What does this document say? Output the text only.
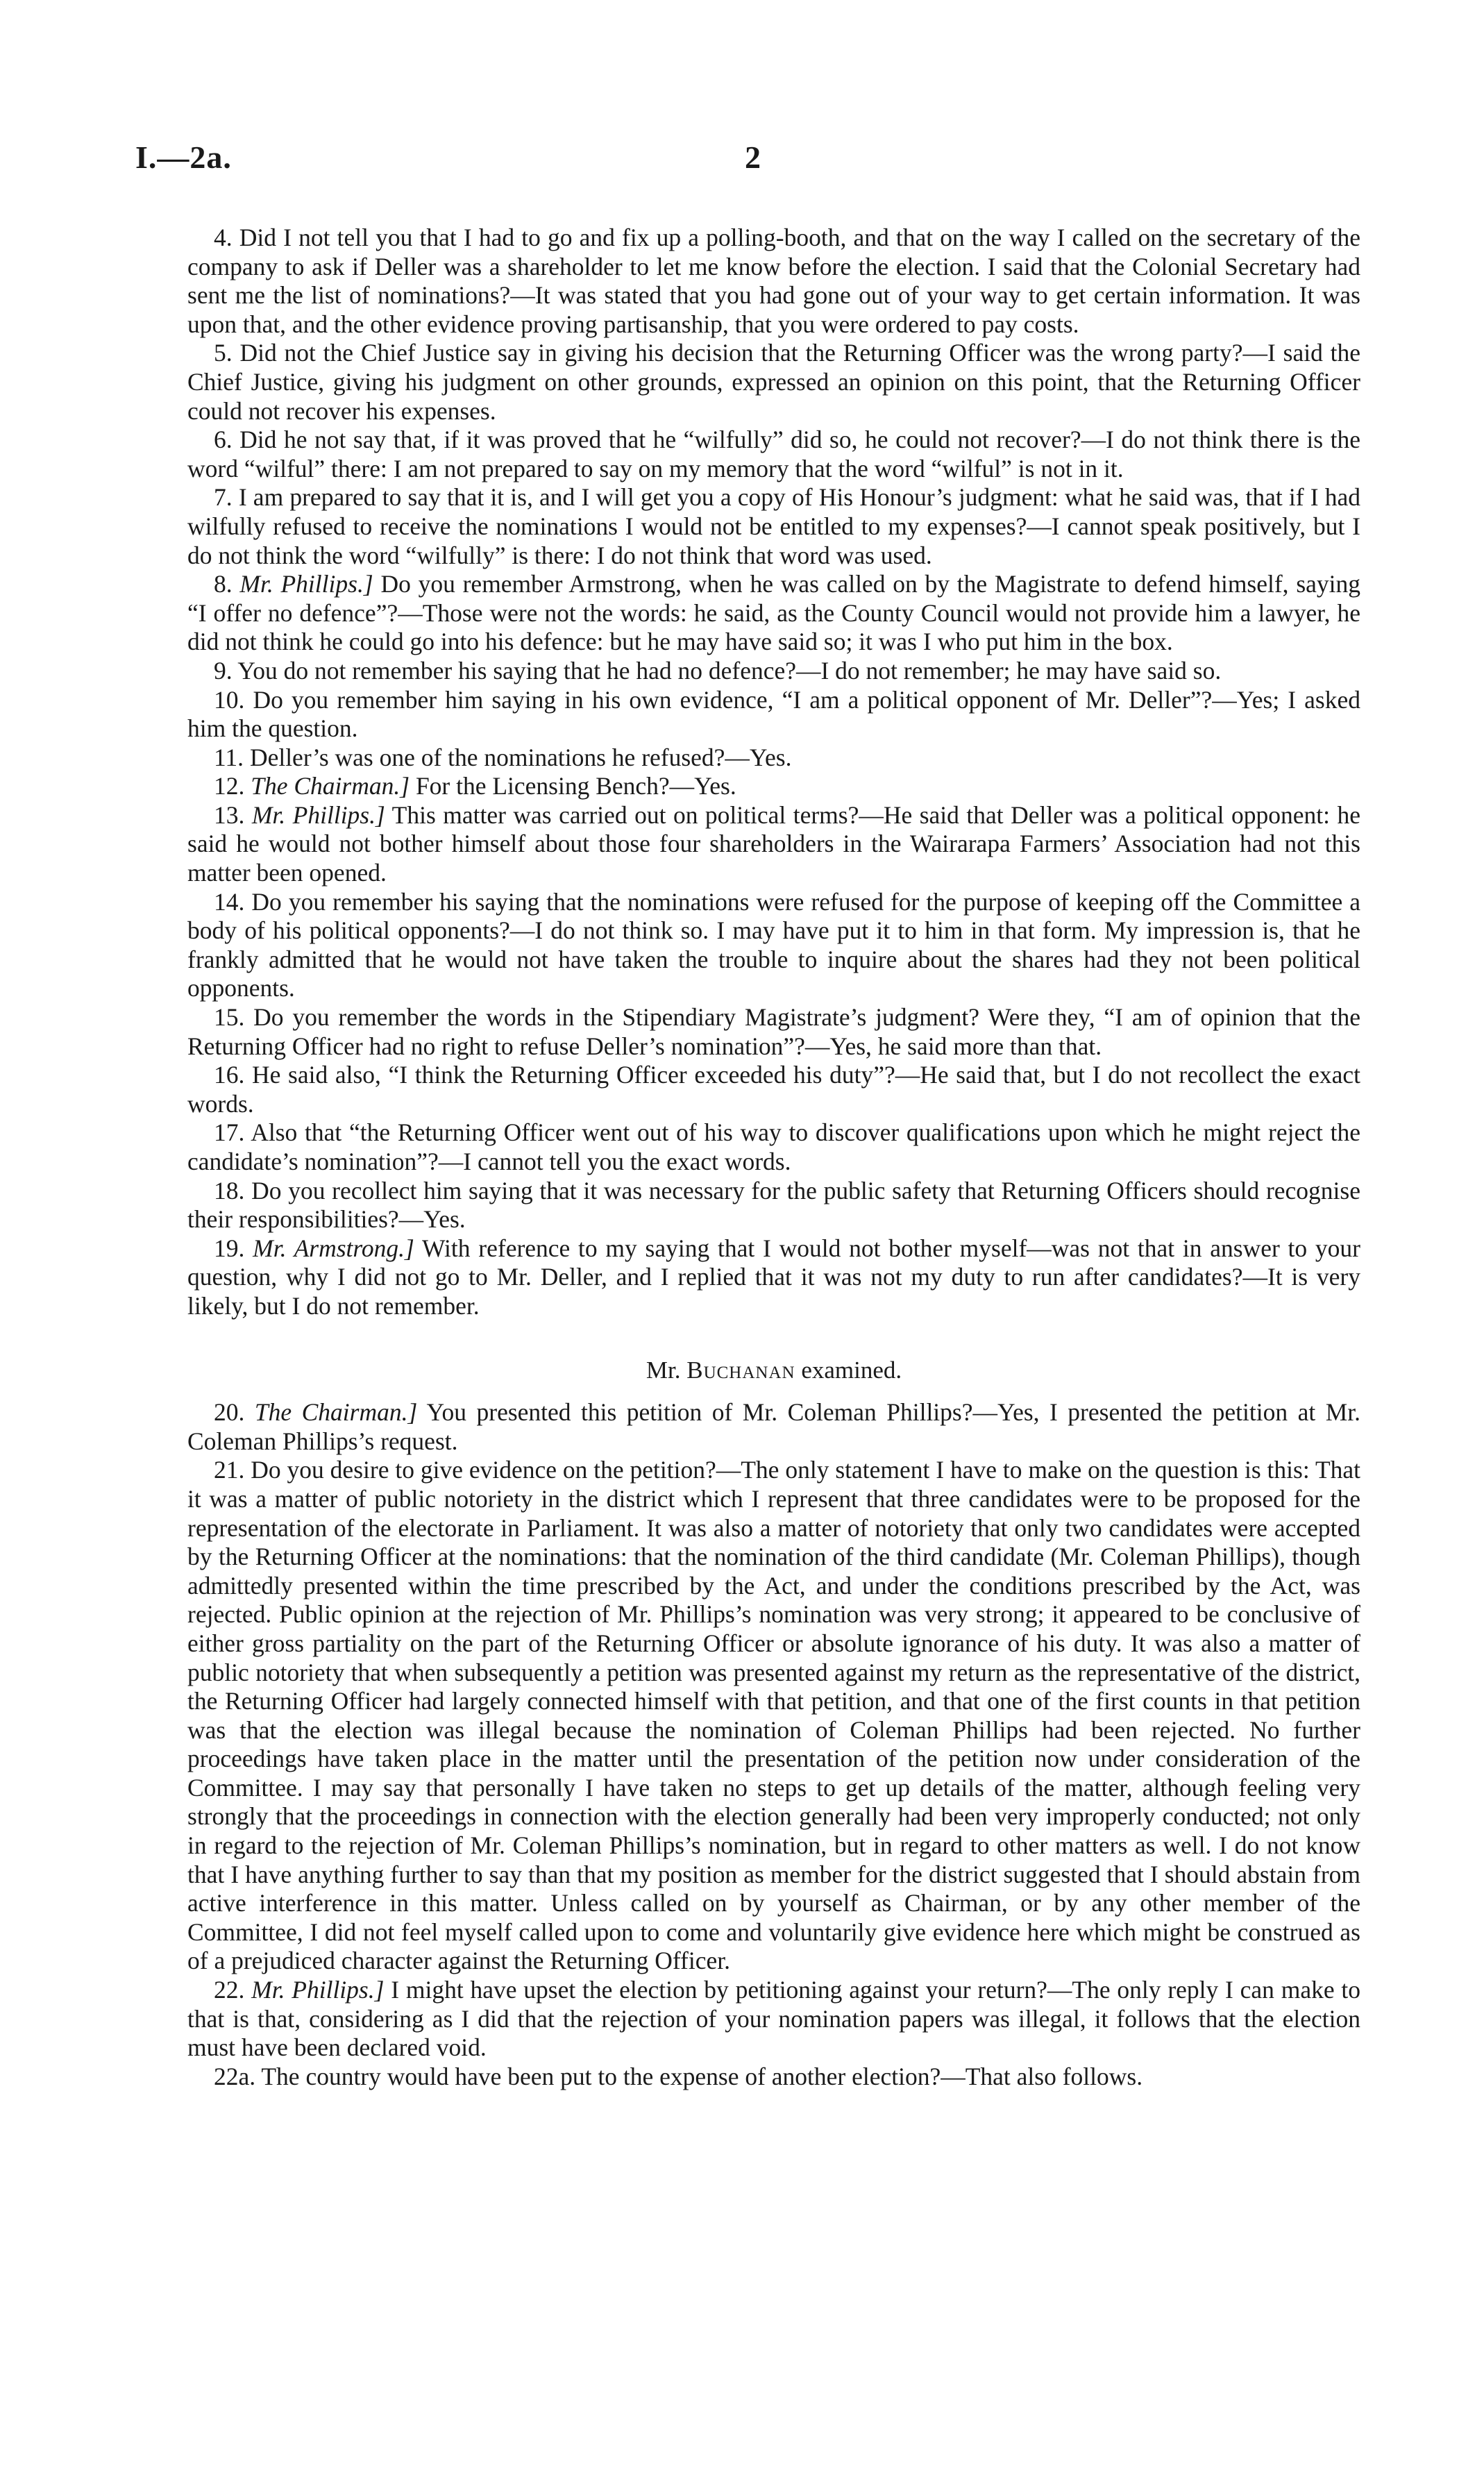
I.—2a.	2

4. Did I not tell you that I had to go and fix up a polling-booth, and that on the way I called on the secretary of the company to ask if Deller was a shareholder to let me know before the election. I said that the Colonial Secretary had sent me the list of nominations?—It was stated that you had gone out of your way to get certain information. It was upon that, and the other evidence proving partisanship, that you were ordered to pay costs.

5. Did not the Chief Justice say in giving his decision that the Returning Officer was the wrong party?—I said the Chief Justice, giving his judgment on other grounds, expressed an opinion on this point, that the Returning Officer could not recover his expenses.

6. Did he not say that, if it was proved that he “wilfully” did so, he could not recover?—I do not think there is the word “wilful” there: I am not prepared to say on my memory that the word “wilful” is not in it.

7. I am prepared to say that it is, and I will get you a copy of His Honour’s judgment: what he said was, that if I had wilfully refused to receive the nominations I would not be entitled to my expenses?—I cannot speak positively, but I do not think the word “wilfully” is there: I do not think that word was used.

8. Mr. Phillips.] Do you remember Armstrong, when he was called on by the Magistrate to defend himself, saying “I offer no defence”?—Those were not the words: he said, as the County Council would not provide him a lawyer, he did not think he could go into his defence: but he may have said so; it was I who put him in the box.

9. You do not remember his saying that he had no defence?—I do not remember; he may have said so.

10. Do you remember him saying in his own evidence, “I am a political opponent of Mr. Deller”?—Yes; I asked him the question.

11. Deller’s was one of the nominations he refused?—Yes.

12. The Chairman.] For the Licensing Bench?—Yes.

13. Mr. Phillips.] This matter was carried out on political terms?—He said that Deller was a political opponent: he said he would not bother himself about those four shareholders in the Wairarapa Farmers’ Association had not this matter been opened.

14. Do you remember his saying that the nominations were refused for the purpose of keeping off the Committee a body of his political opponents?—I do not think so. I may have put it to him in that form. My impression is, that he frankly admitted that he would not have taken the trouble to inquire about the shares had they not been political opponents.

15. Do you remember the words in the Stipendiary Magistrate’s judgment? Were they, “I am of opinion that the Returning Officer had no right to refuse Deller’s nomination”?—Yes, he said more than that.

16. He said also, “I think the Returning Officer exceeded his duty”?—He said that, but I do not recollect the exact words.

17. Also that “the Returning Officer went out of his way to discover qualifications upon which he might reject the candidate’s nomination”?—I cannot tell you the exact words.

18. Do you recollect him saying that it was necessary for the public safety that Returning Officers should recognise their responsibilities?—Yes.

19. Mr. Armstrong.] With reference to my saying that I would not bother myself—was not that in answer to your question, why I did not go to Mr. Deller, and I replied that it was not my duty to run after candidates?—It is very likely, but I do not remember.

Mr. Buchanan examined.

20. The Chairman.] You presented this petition of Mr. Coleman Phillips?—Yes, I presented the petition at Mr. Coleman Phillips’s request.

21. Do you desire to give evidence on the petition?—The only statement I have to make on the question is this: That it was a matter of public notoriety in the district which I represent that three candidates were to be proposed for the representation of the electorate in Parliament. It was also a matter of notoriety that only two candidates were accepted by the Returning Officer at the nominations: that the nomination of the third candidate (Mr. Coleman Phillips), though admittedly presented within the time prescribed by the Act, and under the conditions prescribed by the Act, was rejected. Public opinion at the rejection of Mr. Phillips’s nomination was very strong; it appeared to be conclusive of either gross partiality on the part of the Returning Officer or absolute ignorance of his duty. It was also a matter of public notoriety that when subsequently a petition was presented against my return as the representative of the district, the Returning Officer had largely connected himself with that petition, and that one of the first counts in that petition was that the election was illegal because the nomination of Coleman Phillips had been rejected. No further proceedings have taken place in the matter until the presentation of the petition now under consideration of the Committee. I may say that personally I have taken no steps to get up details of the matter, although feeling very strongly that the proceedings in connection with the election generally had been very improperly conducted; not only in regard to the rejection of Mr. Coleman Phillips’s nomination, but in regard to other matters as well. I do not know that I have anything further to say than that my position as member for the district suggested that I should abstain from active interference in this matter. Unless called on by yourself as Chairman, or by any other member of the Committee, I did not feel myself called upon to come and voluntarily give evidence here which might be construed as of a prejudiced character against the Returning Officer.

22. Mr. Phillips.] I might have upset the election by petitioning against your return?—The only reply I can make to that is that, considering as I did that the rejection of your nomination papers was illegal, it follows that the election must have been declared void.

22a. The country would have been put to the expense of another election?—That also follows.
